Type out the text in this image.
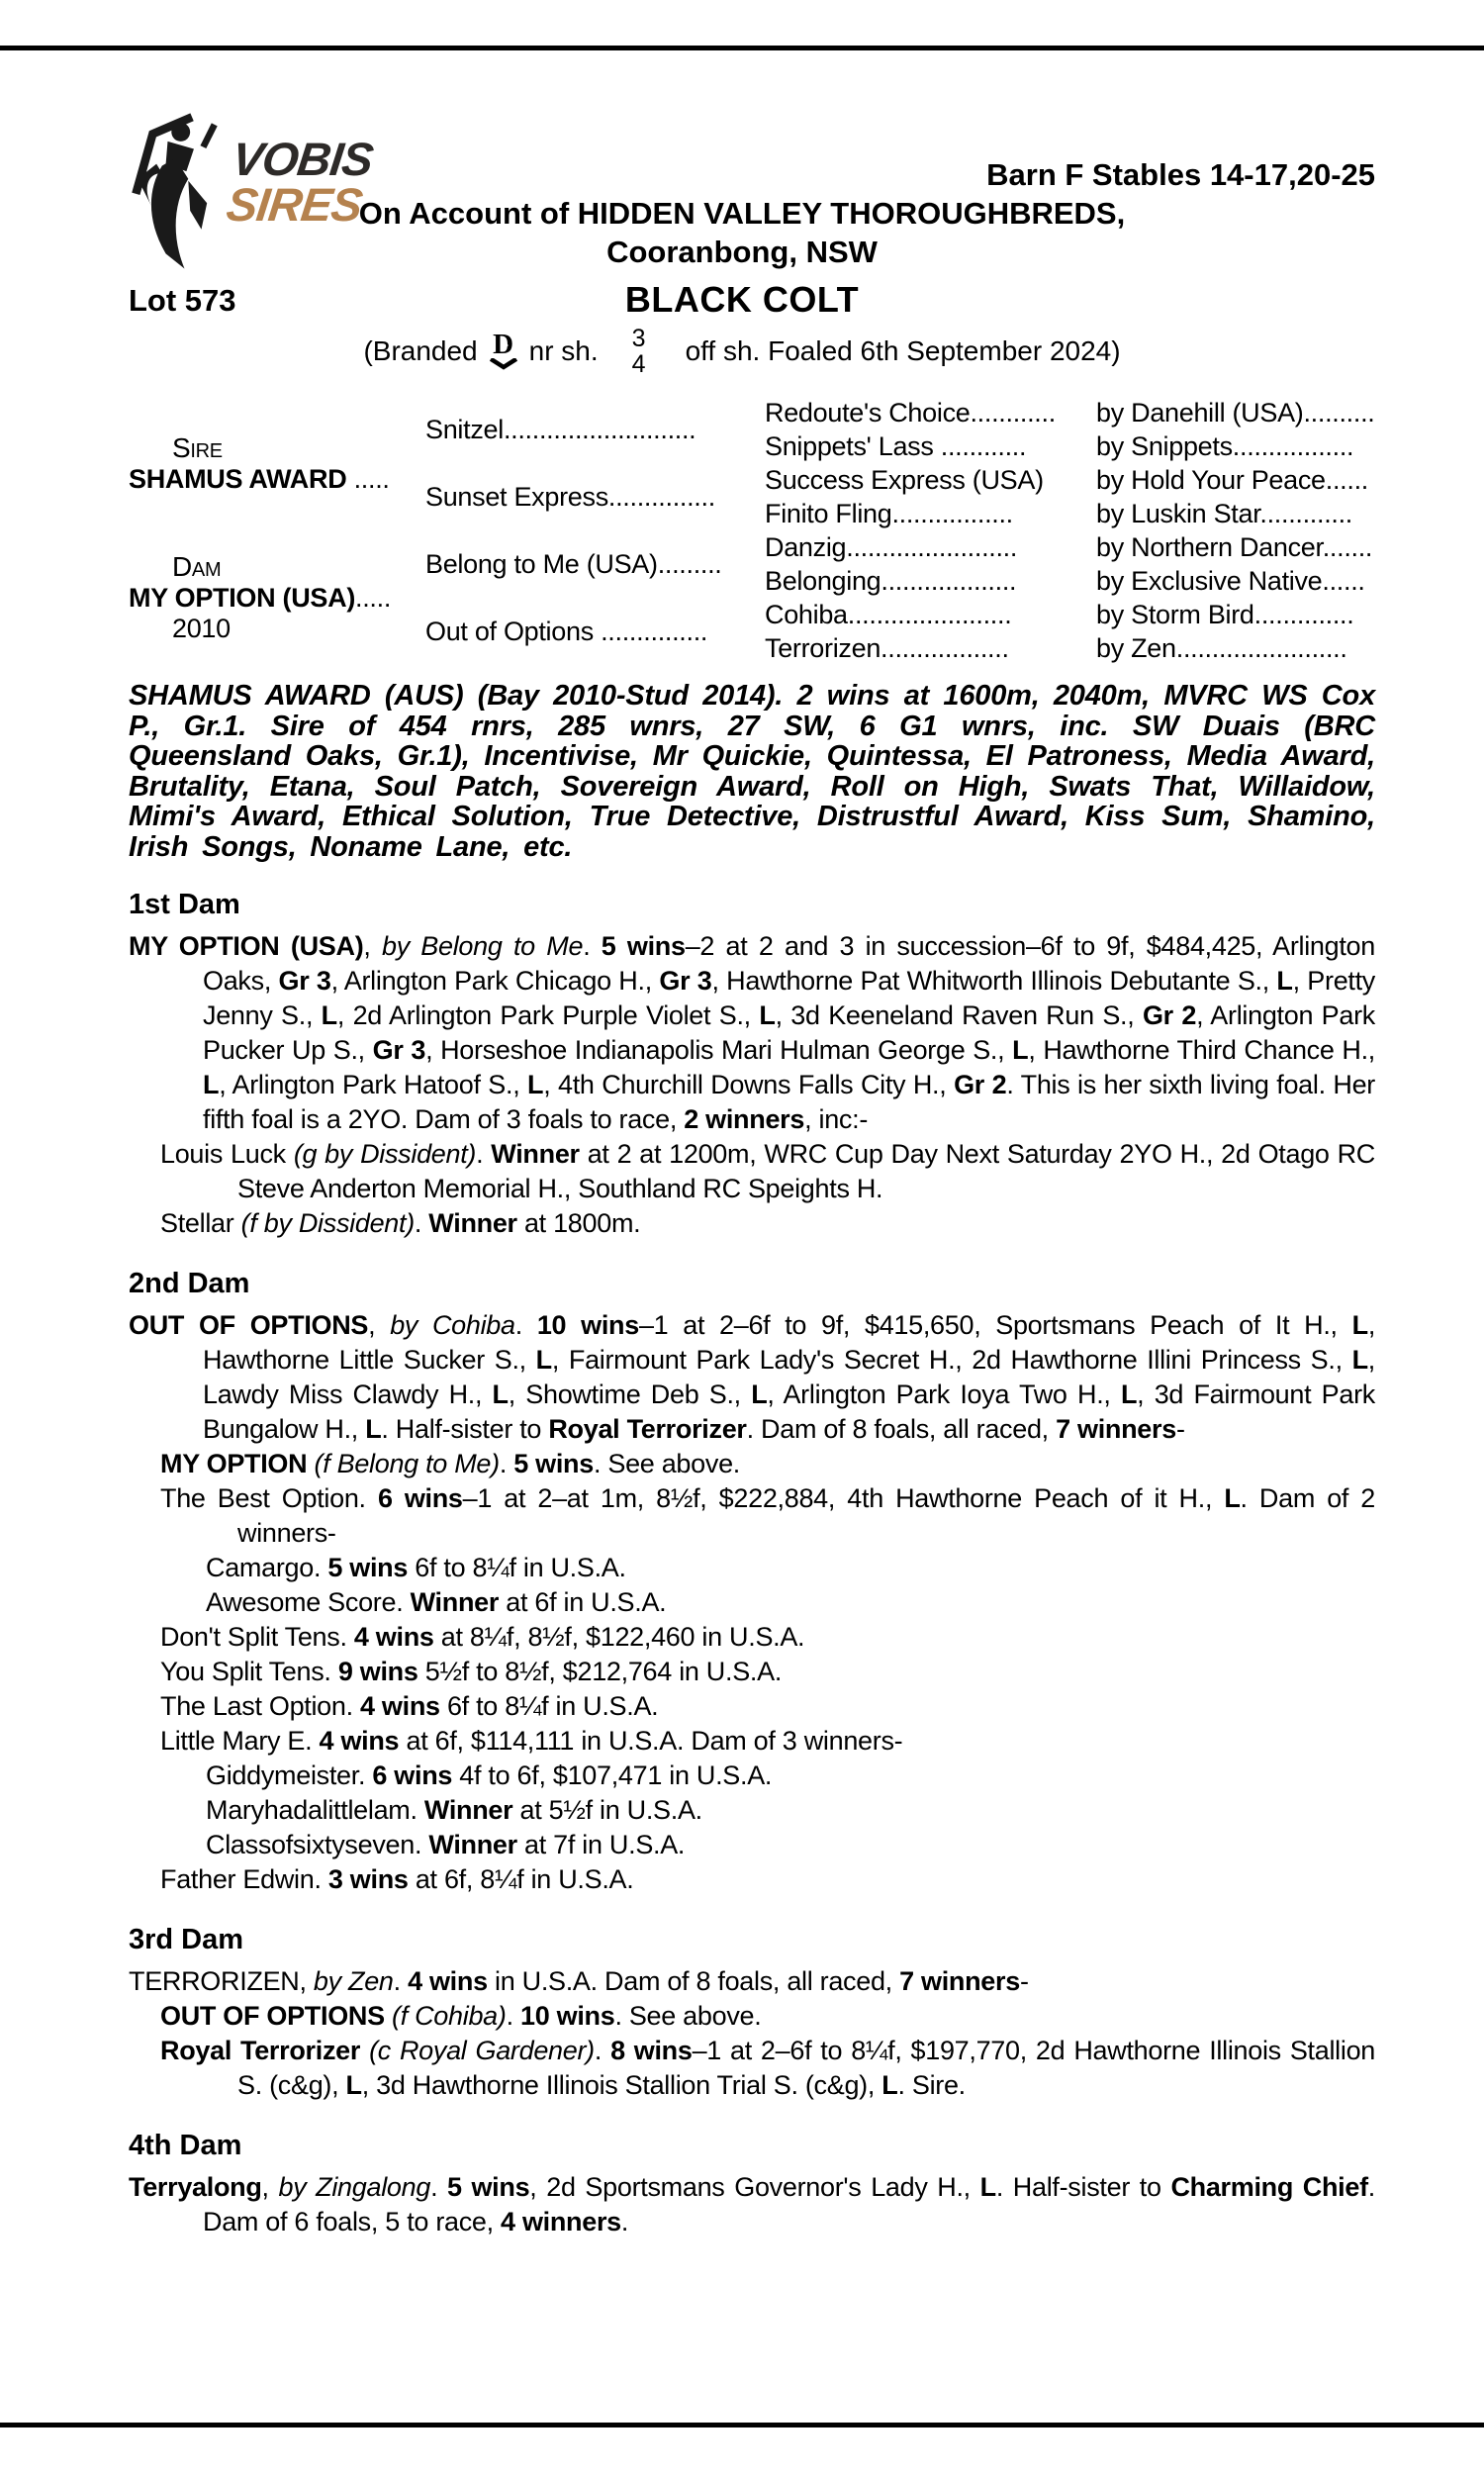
VOBIS
SIRES
Barn F Stables 14-17,20-25
On Account of HIDDEN VALLEY THOROUGHBREDS,
Cooranbong, NSW
Lot 573	BLACK COLT
(Branded D nr sh. 3
4 off sh. Foaled 6th September 2024)
Sire
SHAMUS AWARD .....
Dam
MY OPTION (USA).....
2010
Snitzel...........................
Sunset Express...............
Belong to Me (USA).........
Out of Options ...............
Redoute's Choice............
Snippets' Lass ............
Success Express (USA)
Finito Fling.................
Danzig........................
Belonging...................
Cohiba.......................
Terrorizen..................
by Danehill (USA)..........
by Snippets.................
by Hold Your Peace......
by Luskin Star.............
by Northern Dancer.......
by Exclusive Native......
by Storm Bird..............
by Zen........................

SHAMUS AWARD (AUS) (Bay 2010-Stud 2014). 2 wins at 1600m, 2040m, MVRC WS Cox P., Gr.1. Sire of 454 rnrs, 285 wnrs, 27 SW, 6 G1 wnrs, inc. SW Duais (BRC Queensland Oaks, Gr.1), Incentivise, Mr Quickie, Quintessa, El Patroness, Media Award, Brutality, Etana, Soul Patch, Sovereign Award, Roll on High, Swats That, Willaidow, Mimi's Award, Ethical Solution, True Detective, Distrustful Award, Kiss Sum, Shamino, Irish Songs, Noname Lane, etc.

1st Dam

MY OPTION (USA), by Belong to Me. 5 wins–2 at 2 and 3 in succession–6f to 9f, $484,425, Arlington Oaks, Gr 3, Arlington Park Chicago H., Gr 3, Hawthorne Pat Whitworth Illinois Debutante S., L, Pretty Jenny S., L, 2d Arlington Park Purple Violet S., L, 3d Keeneland Raven Run S., Gr 2, Arlington Park Pucker Up S., Gr 3, Horseshoe Indianapolis Mari Hulman George S., L, Hawthorne Third Chance H., L, Arlington Park Hatoof S., L, 4th Churchill Downs Falls City H., Gr 2. This is her sixth living foal. Her fifth foal is a 2YO. Dam of 3 foals to race, 2 winners, inc:-

Louis Luck (g by Dissident). Winner at 2 at 1200m, WRC Cup Day Next Saturday 2YO H., 2d Otago RC Steve Anderton Memorial H., Southland RC Speights H.

Stellar (f by Dissident). Winner at 1800m.

2nd Dam

OUT OF OPTIONS, by Cohiba. 10 wins–1 at 2–6f to 9f, $415,650, Sportsmans Peach of It H., L, Hawthorne Little Sucker S., L, Fairmount Park Lady's Secret H., 2d Hawthorne Illini Princess S., L, Lawdy Miss Clawdy H., L, Showtime Deb S., L, Arlington Park Ioya Two H., L, 3d Fairmount Park Bungalow H., L. Half-sister to Royal Terrorizer. Dam of 8 foals, all raced, 7 winners-

MY OPTION (f Belong to Me). 5 wins. See above.

The Best Option. 6 wins–1 at 2–at 1m, 8½f, $222,884, 4th Hawthorne Peach of it H., L. Dam of 2 winners-

Camargo. 5 wins 6f to 8¼f in U.S.A.

Awesome Score. Winner at 6f in U.S.A.

Don't Split Tens. 4 wins at 8¼f, 8½f, $122,460 in U.S.A.

You Split Tens. 9 wins 5½f to 8½f, $212,764 in U.S.A.

The Last Option. 4 wins 6f to 8¼f in U.S.A.

Little Mary E. 4 wins at 6f, $114,111 in U.S.A. Dam of 3 winners-

Giddymeister. 6 wins 4f to 6f, $107,471 in U.S.A.

Maryhadalittlelam. Winner at 5½f in U.S.A.

Classofsixtyseven. Winner at 7f in U.S.A.

Father Edwin. 3 wins at 6f, 8¼f in U.S.A.

3rd Dam

TERRORIZEN, by Zen. 4 wins in U.S.A. Dam of 8 foals, all raced, 7 winners-

OUT OF OPTIONS (f Cohiba). 10 wins. See above.

Royal Terrorizer (c Royal Gardener). 8 wins–1 at 2–6f to 8¼f, $197,770, 2d Hawthorne Illinois Stallion S. (c&g), L, 3d Hawthorne Illinois Stallion Trial S. (c&g), L. Sire.

4th Dam

Terryalong, by Zingalong. 5 wins, 2d Sportsmans Governor's Lady H., L. Half-sister to Charming Chief. Dam of 6 foals, 5 to race, 4 winners.
